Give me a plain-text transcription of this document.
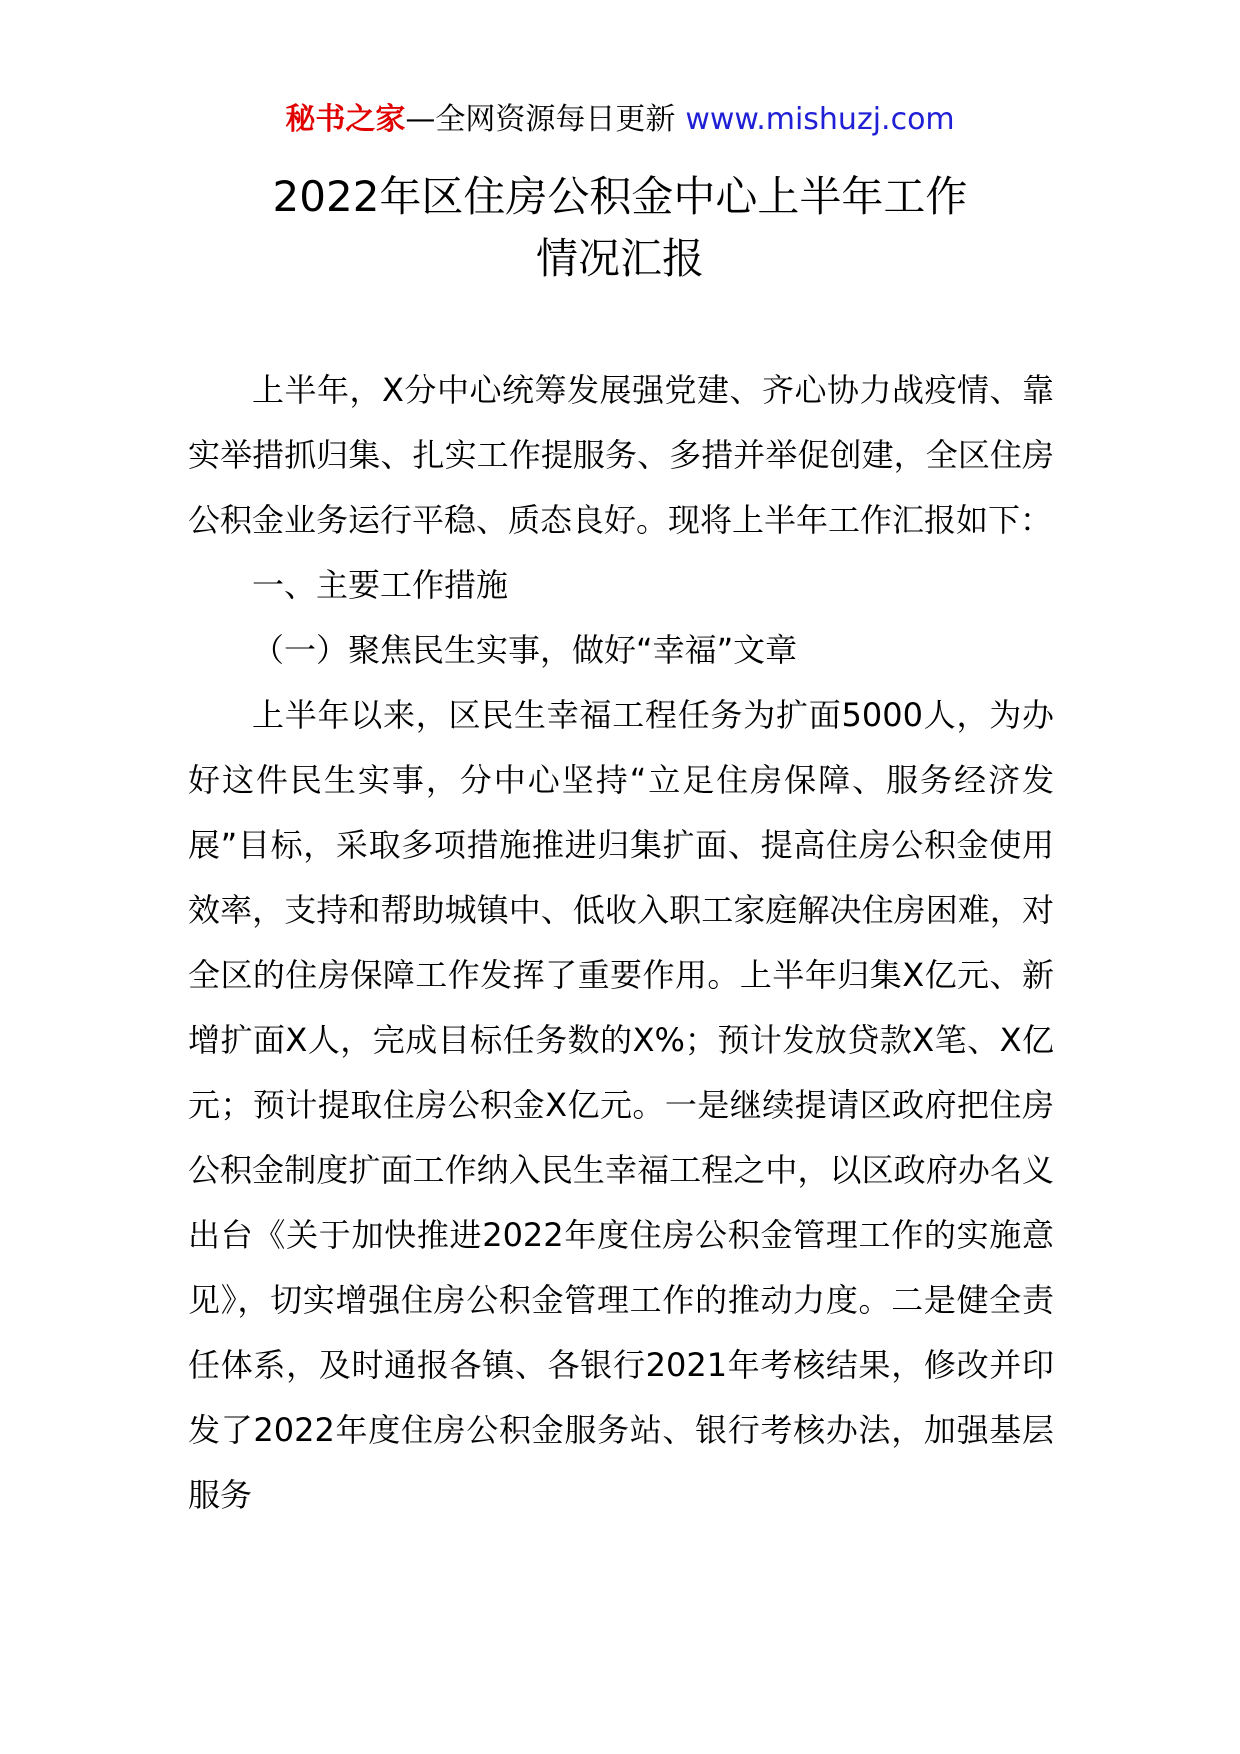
秘书之家—全网资源每日更新 www.mishuzj.com
2022年区住房公积金中心上半年工作
情况汇报

上半年，X分中心统筹发展强党建、齐心协力战疫情、靠实举措抓归集、扎实工作提服务、多措并举促创建，全区住房公积金业务运行平稳、质态良好。现将上半年工作汇报如下：

一、主要工作措施

（一）聚焦民生实事，做好“幸福”文章

上半年以来，区民生幸福工程任务为扩面5000人，为办好这件民生实事，分中心坚持“立足住房保障、服务经济发展”目标，采取多项措施推进归集扩面、提高住房公积金使用效率，支持和帮助城镇中、低收入职工家庭解决住房困难，对全区的住房保障工作发挥了重要作用。上半年归集X亿元、新增扩面X人，完成目标任务数的X%；预计发放贷款X笔、X亿元；预计提取住房公积金X亿元。一是继续提请区政府把住房公积金制度扩面工作纳入民生幸福工程之中，以区政府办名义出台《关于加快推进2022年度住房公积金管理工作的实施意见》，切实增强住房公积金管理工作的推动力度。二是健全责任体系，及时通报各镇、各银行2021年考核结果，修改并印发了2022年度住房公积金服务站、银行考核办法，加强基层服务
